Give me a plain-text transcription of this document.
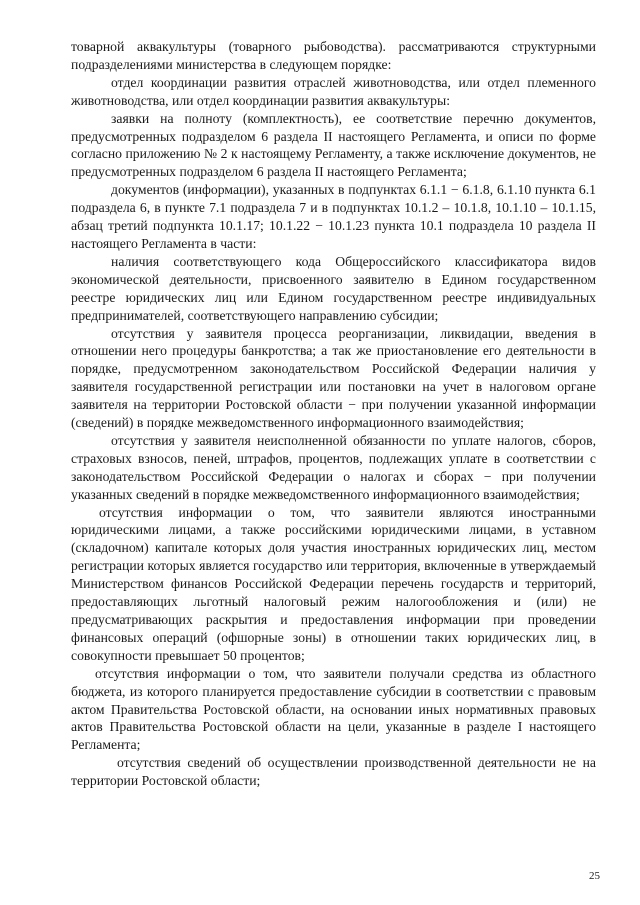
товарной аквакультуры (товарного рыбоводства). рассматриваются структурными подразделениями министерства в следующем порядке:

отдел координации развития отраслей животноводства, или отдел племенного животноводства, или отдел координации развития аквакультуры:

заявки на полноту (комплектность), ее соответствие перечню документов, предусмотренных подразделом 6 раздела II настоящего Регламента, и описи по форме согласно приложению № 2 к настоящему Регламенту, а также исключение документов, не предусмотренных подразделом 6 раздела II настоящего Регламента;

документов (информации), указанных в подпунктах 6.1.1 − 6.1.8, 6.1.10 пункта 6.1 подраздела 6, в пункте 7.1 подраздела 7 и в подпунктах 10.1.2 – 10.1.8, 10.1.10 – 10.1.15, абзац третий подпункта 10.1.17; 10.1.22 − 10.1.23 пункта 10.1 подраздела 10 раздела II настоящего Регламента в части:

наличия соответствующего кода Общероссийского классификатора видов экономической деятельности, присвоенного заявителю в Едином государственном реестре юридических лиц или Едином государственном реестре индивидуальных предпринимателей, соответствующего направлению субсидии;

отсутствия у заявителя процесса реорганизации, ликвидации, введения в отношении него процедуры банкротства; а так же приостановление его деятельности в порядке, предусмотренном законодательством Российской Федерации наличия у заявителя государственной регистрации или постановки на учет в налоговом органе заявителя на территории Ростовской области − при получении указанной информации (сведений) в порядке межведомственного информационного взаимодействия;

отсутствия у заявителя неисполненной обязанности по уплате налогов, сборов, страховых взносов, пеней, штрафов, процентов, подлежащих уплате в соответствии с законодательством Российской Федерации о налогах и сборах − при получении указанных сведений в порядке межведомственного информационного взаимодействия;

отсутствия информации о том, что заявители являются иностранными юридическими лицами, а также российскими юридическими лицами, в уставном (складочном) капитале которых доля участия иностранных юридических лиц, местом регистрации которых является государство или территория, включенные в утверждаемый Министерством финансов Российской Федерации перечень государств и территорий, предоставляющих льготный налоговый режим налогообложения и (или) не предусматривающих раскрытия и предоставления информации при проведении финансовых операций (офшорные зоны) в отношении таких юридических лиц, в совокупности превышает 50 процентов;

отсутствия информации о том, что заявители получали средства из областного бюджета, из которого планируется предоставление субсидии в соответствии с правовым актом Правительства Ростовской области, на основании иных нормативных правовых актов Правительства Ростовской области на цели, указанные в разделе I настоящего Регламента;

отсутствия сведений об осуществлении производственной деятельности не на территории Ростовской области;

25
